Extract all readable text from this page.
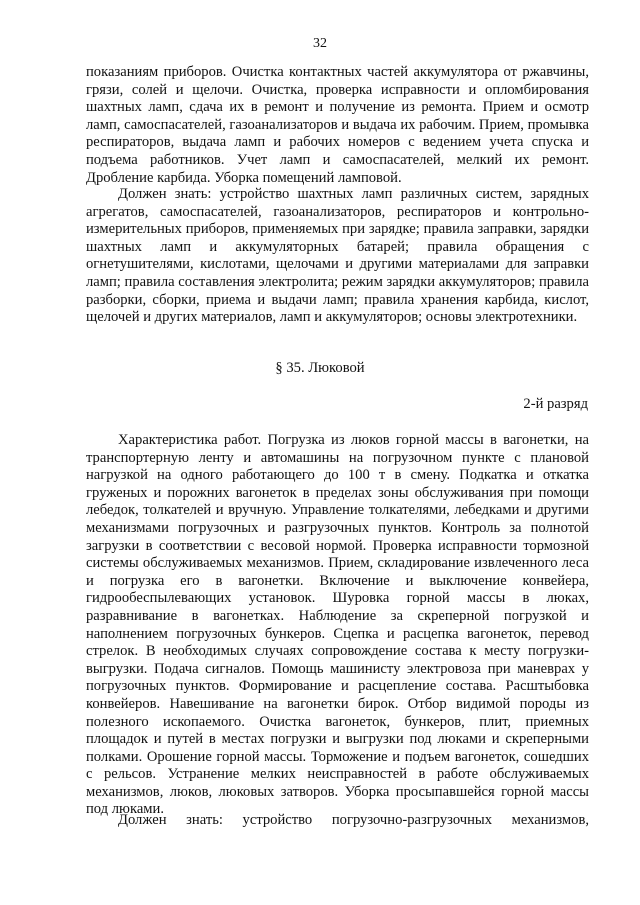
32

показаниям приборов. Очистка контактных частей аккумулятора от ржавчины, грязи, солей и щелочи. Очистка, проверка исправности и опломбирования шахтных ламп, сдача их в ремонт и получение из ремонта. Прием и осмотр ламп, самоспасателей, газоанализаторов и выдача их рабочим. Прием, промывка респираторов, выдача ламп и рабочих номеров с ведением учета спуска и подъема работников. Учет ламп и самоспасателей, мелкий их ремонт. Дробление карбида. Уборка помещений ламповой.

Должен знать: устройство шахтных ламп различных систем, зарядных агрегатов, самоспасателей, газоанализаторов, респираторов и контрольно-измерительных приборов, применяемых при зарядке; правила заправки, зарядки шахтных ламп и аккумуляторных батарей; правила обращения с огнетушителями, кислотами, щелочами и другими материалами для заправки ламп; правила составления электролита; режим зарядки аккумуляторов; правила разборки, сборки, приема и выдачи ламп; правила хранения карбида, кислот, щелочей и других материалов, ламп и аккумуляторов; основы электротехники.

§ 35. Люковой

2-й разряд

Характеристика работ. Погрузка из люков горной массы в вагонетки, на транспортерную ленту и автомашины на погрузочном пункте с плановой нагрузкой на одного работающего до 100 т в смену. Подкатка и откатка груженых и порожних вагонеток в пределах зоны обслуживания при помощи лебедок, толкателей и вручную. Управление толкателями, лебедками и другими механизмами погрузочных и разгрузочных пунктов. Контроль за полнотой загрузки в соответствии с весовой нормой. Проверка исправности тормозной системы обслуживаемых механизмов. Прием, складирование извлеченного леса и погрузка его в вагонетки. Включение и выключение конвейера, гидрообеспылевающих установок. Шуровка горной массы в люках, разравнивание в вагонетках. Наблюдение за скреперной погрузкой и наполнением погрузочных бункеров. Сцепка и расцепка вагонеток, перевод стрелок. В необходимых случаях сопровождение состава к месту погрузки-выгрузки. Подача сигналов. Помощь машинисту электровоза при маневрах у погрузочных пунктов. Формирование и расцепление состава. Расштыбовка конвейеров. Навешивание на вагонетки бирок. Отбор видимой породы из полезного ископаемого. Очистка вагонеток, бункеров, плит, приемных площадок и путей в местах погрузки и выгрузки под люками и скреперными полками. Орошение горной массы. Торможение и подъем вагонеток, сошедших с рельсов. Устранение мелких неисправностей в работе обслуживаемых механизмов, люков, люковых затворов. Уборка просыпавшейся горной массы под люками.

Должен знать: устройство погрузочно-разгрузочных механизмов,
